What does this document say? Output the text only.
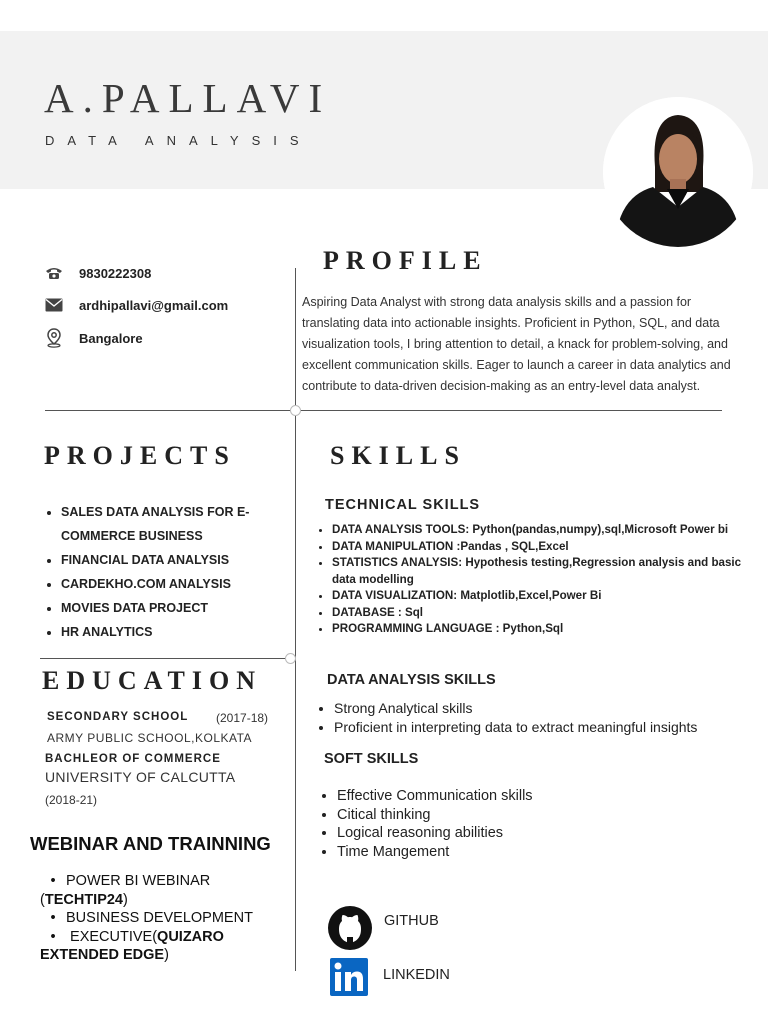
A.PALLAVI
DATA ANALYSIS
9830222308
ardhipallavi@gmail.com
Bangalore
PROFILE
Aspiring Data Analyst with strong data analysis skills and a passion for translating data into actionable insights. Proficient in Python, SQL, and data visualization tools, I bring attention to detail, a knack for problem-solving, and excellent communication skills. Eager to launch a career in data analytics and contribute to data-driven decision-making as an entry-level data analyst.
PROJECTS
• SALES DATA ANALYSIS FOR E-COMMERCE BUSINESS
• FINANCIAL DATA ANALYSIS
• CARDEKHO.COM ANALYSIS
• MOVIES DATA PROJECT
• HR ANALYTICS
EDUCATION
SECONDARY SCHOOL (2017-18)
ARMY PUBLIC SCHOOL,KOLKATA
BACHLEOR OF COMMERCE
UNIVERSITY OF CALCUTTA
(2018-21)
WEBINAR AND TRAINNING
• POWER BI WEBINAR
(TECHTIP24)
• BUSINESS DEVELOPMENT
• EXECUTIVE(QUIZARO EXTENDED EDGE)
SKILLS
TECHNICAL SKILLS
• DATA ANALYSIS TOOLS: Python(pandas,numpy),sql,Microsoft Power bi
• DATA MANIPULATION :Pandas , SQL,Excel
• STATISTICS ANALYSIS: Hypothesis testing,Regression analysis and basic data modelling
• DATA VISUALIZATION: Matplotlib,Excel,Power Bi
• DATABASE : Sql
• PROGRAMMING LANGUAGE : Python,Sql
DATA ANALYSIS SKILLS
• Strong Analytical skills
• Proficient in interpreting data to extract meaningful insights
SOFT SKILLS
• Effective Communication skills
• Citical thinking
• Logical reasoning abilities
• Time Mangement
GITHUB
LINKEDIN
